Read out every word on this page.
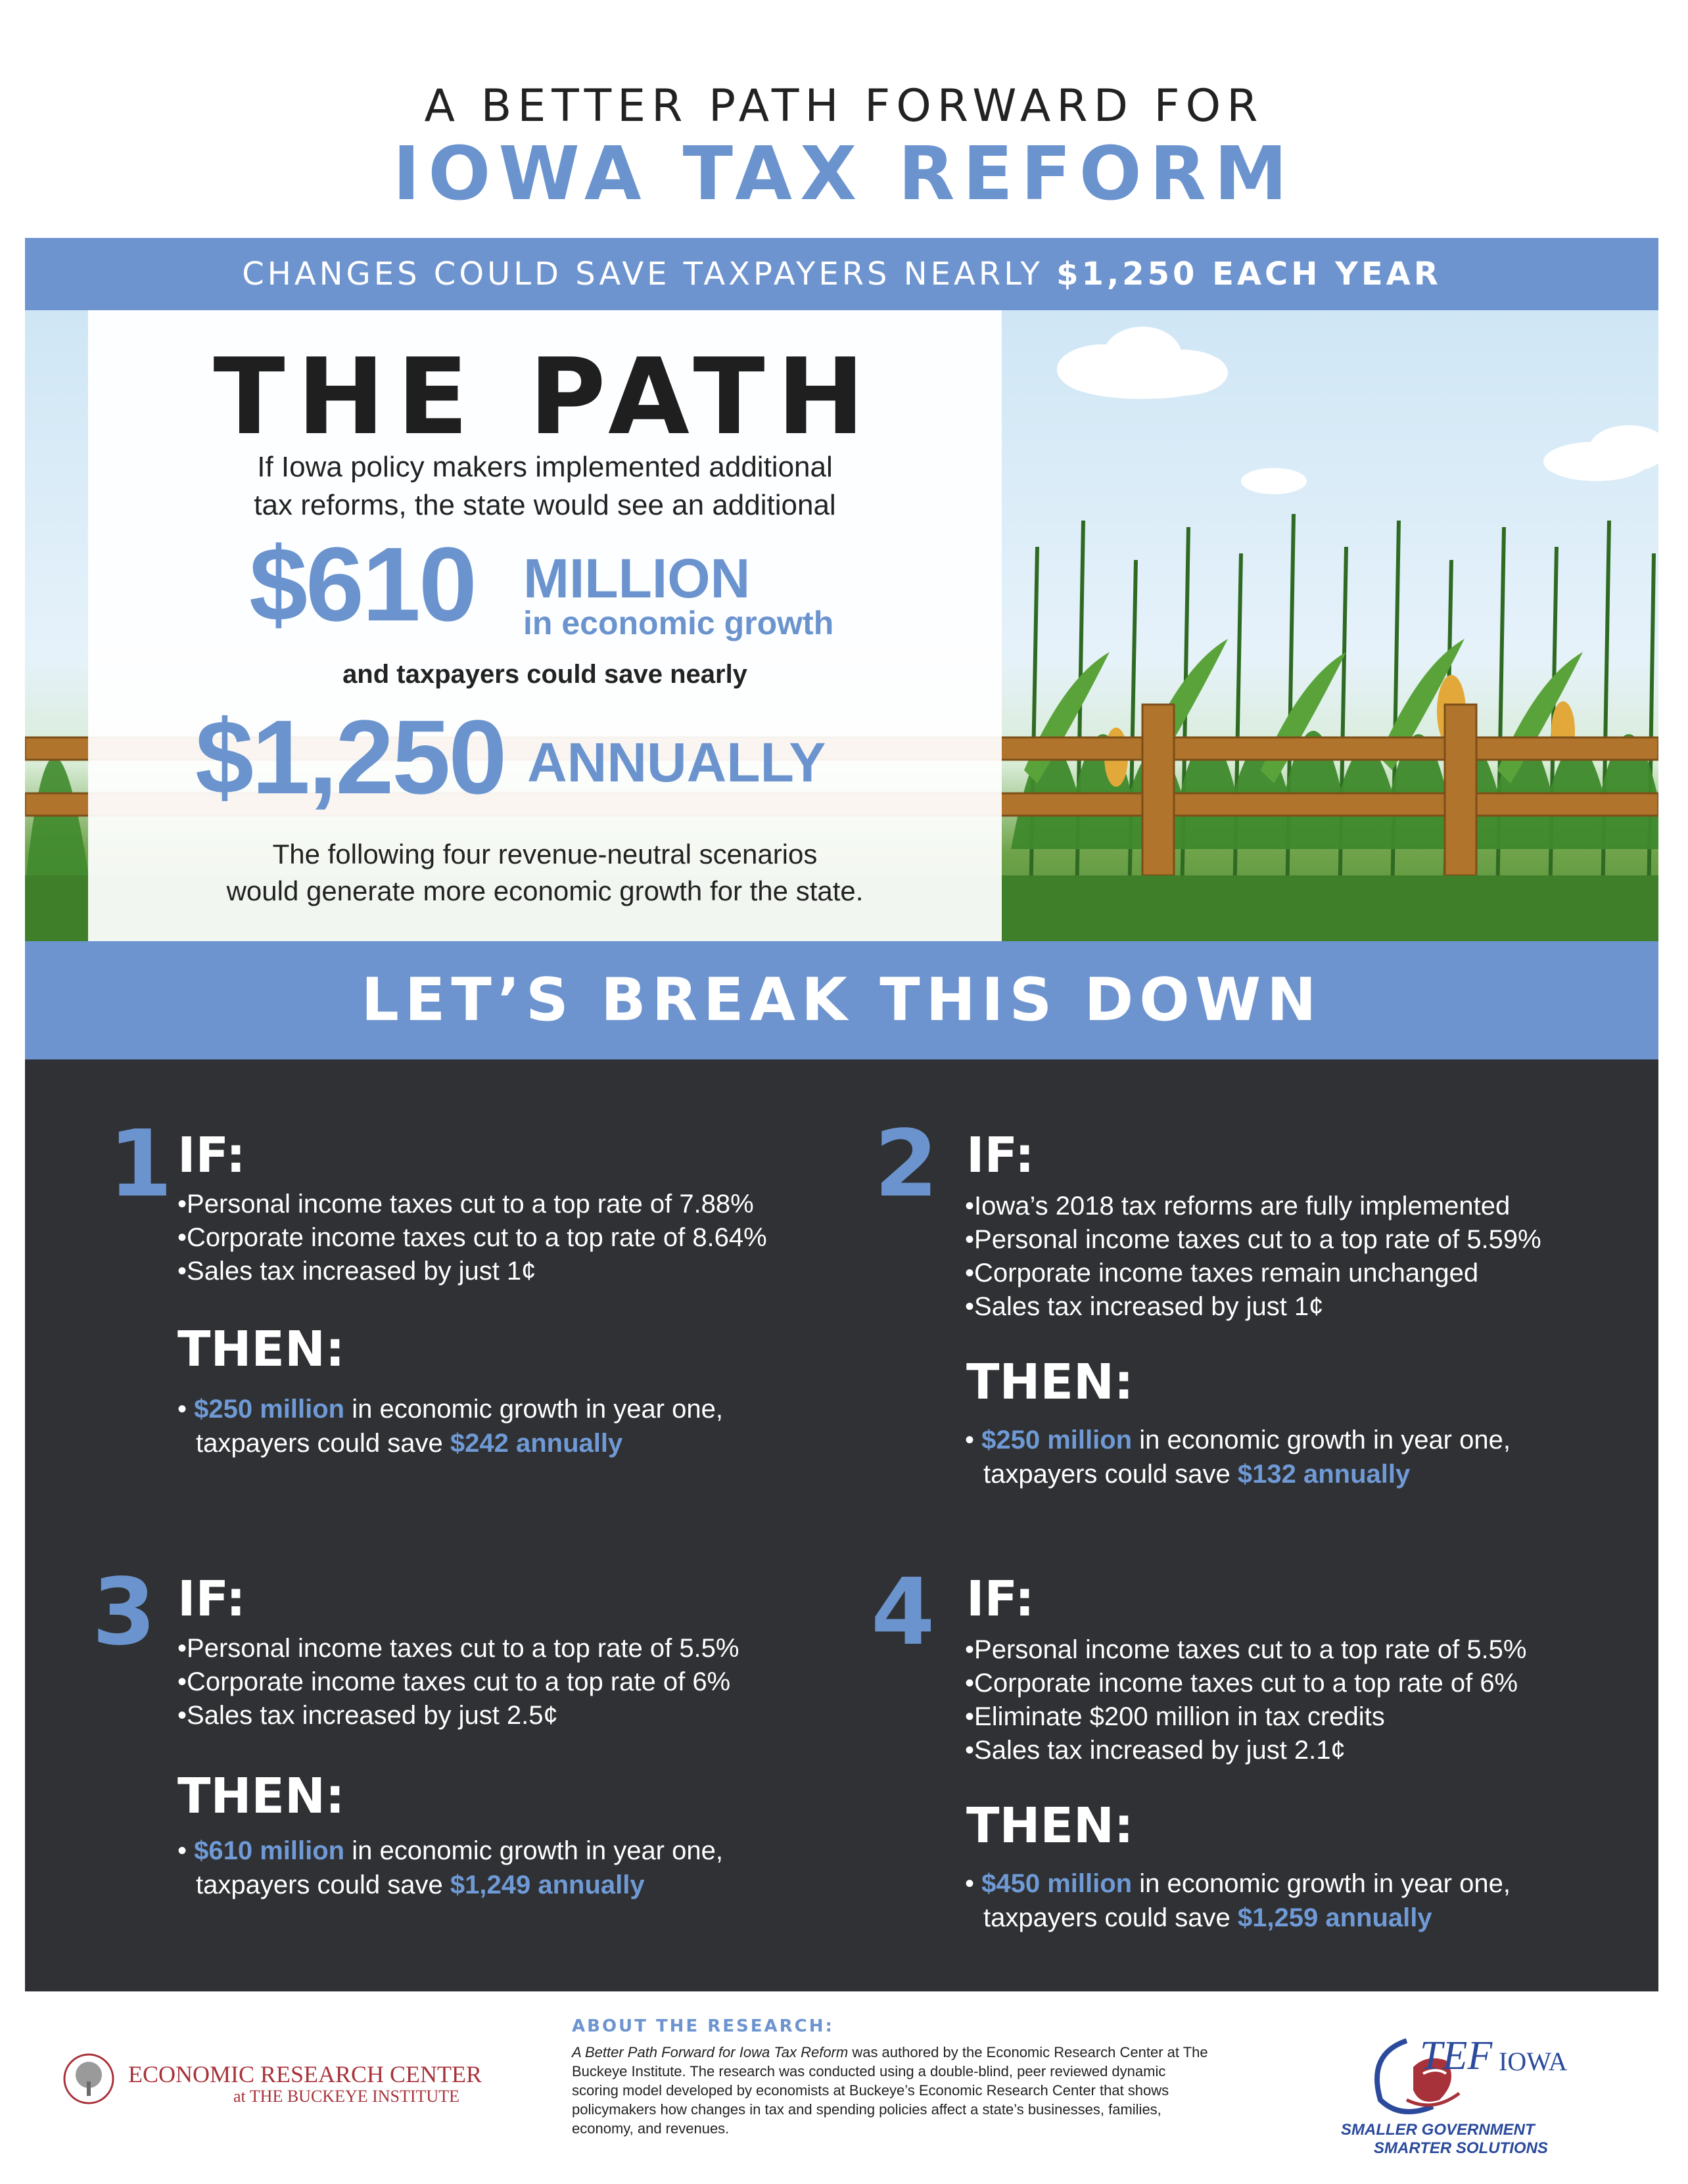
A BETTER PATH FORWARD FOR
IOWA TAX REFORM
CHANGES COULD SAVE TAXPAYERS NEARLY $1,250 EACH YEAR
THE PATH
If Iowa policy makers implemented additional
tax reforms, the state would see an additional
$610 MILLION
in economic growth
and taxpayers could save nearly
$1,250 ANNUALLY
The following four revenue-neutral scenarios
would generate more economic growth for the state.
LET’S BREAK THIS DOWN
1 IF:
• Personal income taxes cut to a top rate of 7.88%
• Corporate income taxes cut to a top rate of 8.64%
• Sales tax increased by just 1¢
THEN:
• $250 million in economic growth in year one,
taxpayers could save $242 annually
2 IF:
• Iowa’s 2018 tax reforms are fully implemented
• Personal income taxes cut to a top rate of 5.59%
• Corporate income taxes remain unchanged
• Sales tax increased by just 1¢
THEN:
• $250 million in economic growth in year one,
taxpayers could save $132 annually
3 IF:
• Personal income taxes cut to a top rate of 5.5%
• Corporate income taxes cut to a top rate of 6%
• Sales tax increased by just 2.5¢
THEN:
• $610 million in economic growth in year one,
taxpayers could save $1,249 annually
4 IF:
• Personal income taxes cut to a top rate of 5.5%
• Corporate income taxes cut to a top rate of 6%
• Eliminate $200 million in tax credits
• Sales tax increased by just 2.1¢
THEN:
• $450 million in economic growth in year one,
taxpayers could save $1,259 annually
ECONOMIC RESEARCH CENTER
at THE BUCKEYE INSTITUTE
ABOUT THE RESEARCH:
A Better Path Forward for Iowa Tax Reform was authored by the Economic Research Center at The Buckeye Institute. The research was conducted using a double-blind, peer reviewed dynamic scoring model developed by economists at Buckeye’s Economic Research Center that shows policymakers how changes in tax and spending policies affect a state’s businesses, families, economy, and revenues.
TEF IOWA
SMALLER GOVERNMENT
SMARTER SOLUTIONS
